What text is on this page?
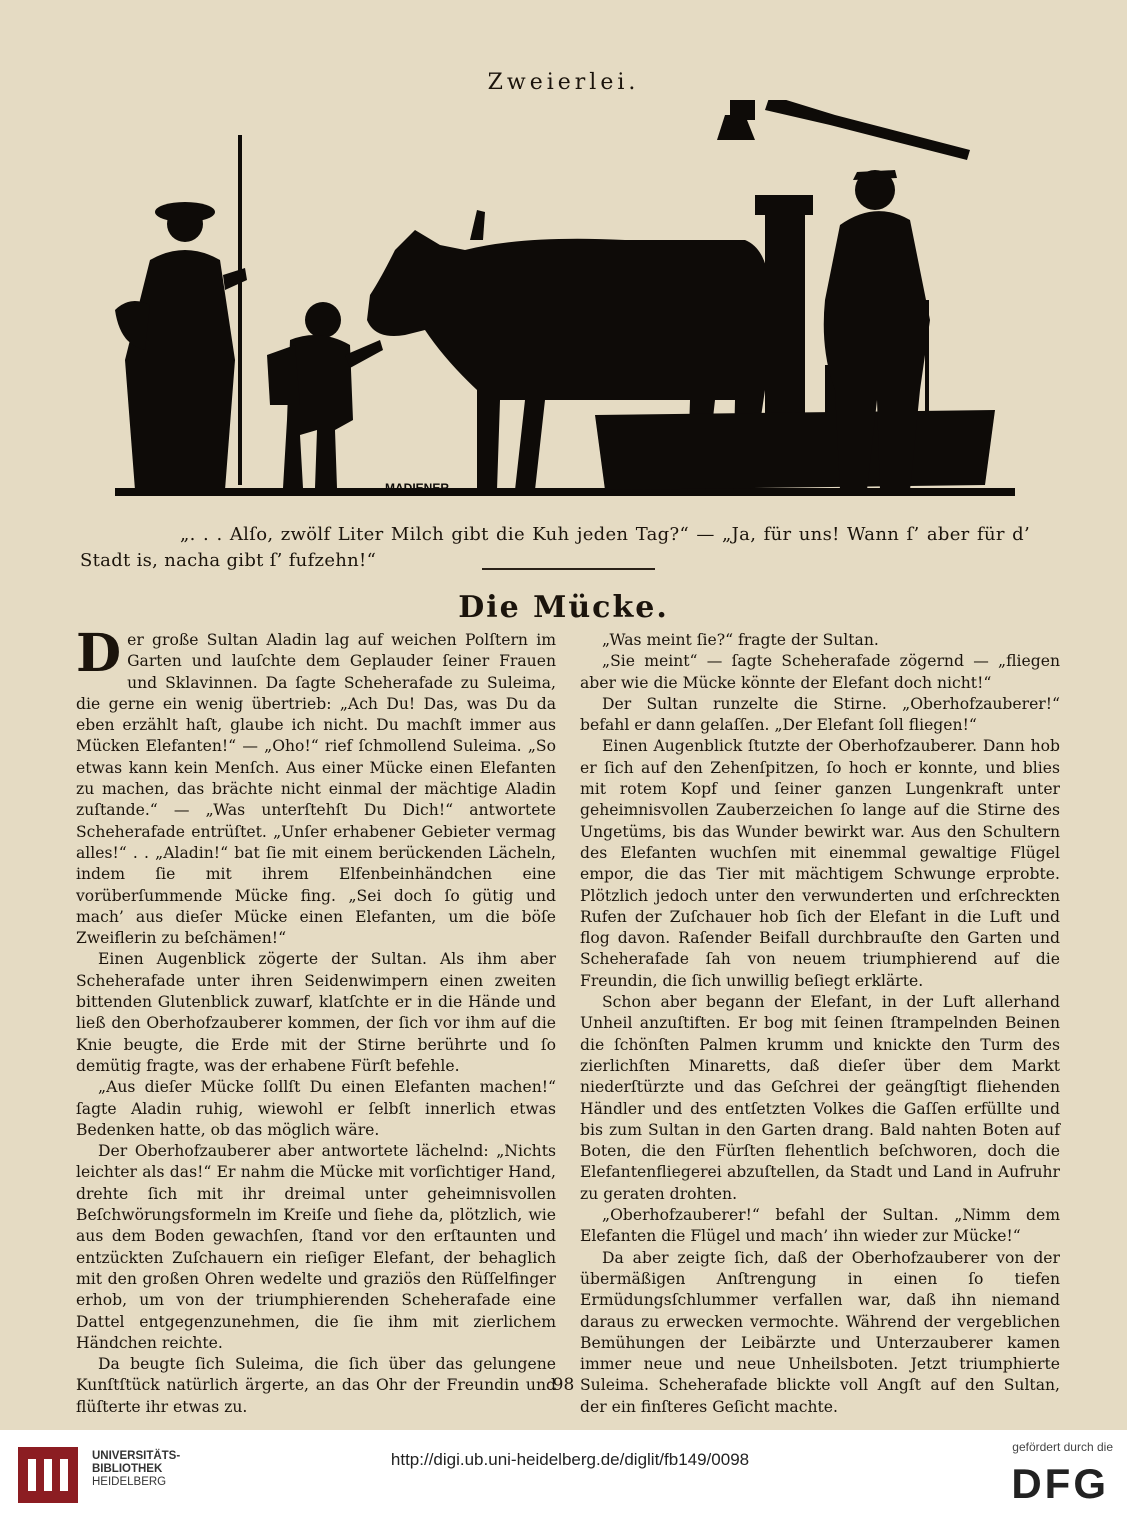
Zweierlei.
MADIENER

„. . . Alſo, zwölf Liter Milch gibt die Kuh jeden Tag?“ — „Ja, für uns! Wann ſ’ aber für d’ Stadt is, nacha gibt ſ’ fufzehn!“

Die Mücke.

Der große Sultan Aladin lag auf weichen Polſtern im Garten und lauſchte dem Geplauder ſeiner Frauen und Sklavinnen. Da ſagte Scheherafade zu Suleima, die gerne ein wenig übertrieb: „Ach Du! Das, was Du da eben erzählt haſt, glaube ich nicht. Du machſt immer aus Mücken Elefanten!“ — „Oho!“ rief ſchmollend Suleima. „So etwas kann kein Menſch. Aus einer Mücke einen Elefanten zu machen, das brächte nicht einmal der mächtige Aladin zuſtande.“ — „Was unterſtehſt Du Dich!“ antwortete Scheherafade entrüſtet. „Unſer erhabener Gebieter vermag alles!“ . . „Aladin!“ bat ſie mit einem berückenden Lächeln, indem ſie mit ihrem Elfenbeinhändchen eine vorüberſummende Mücke fing. „Sei doch ſo gütig und mach’ aus dieſer Mücke einen Elefanten, um die böſe Zweiflerin zu beſchämen!“

Einen Augenblick zögerte der Sultan. Als ihm aber Scheherafade unter ihren Seidenwimpern einen zweiten bittenden Glutenblick zuwarf, klatſchte er in die Hände und ließ den Oberhofzauberer kommen, der ſich vor ihm auf die Knie beugte, die Erde mit der Stirne berührte und ſo demütig fragte, was der erhabene Fürſt befehle.

„Aus dieſer Mücke ſollſt Du einen Elefanten machen!“ ſagte Aladin ruhig, wiewohl er ſelbſt innerlich etwas Bedenken hatte, ob das möglich wäre.

Der Oberhofzauberer aber antwortete lächelnd: „Nichts leichter als das!“ Er nahm die Mücke mit vorſichtiger Hand, drehte ſich mit ihr dreimal unter geheimnisvollen Beſchwörungsformeln im Kreiſe und ſiehe da, plötzlich, wie aus dem Boden gewachſen, ſtand vor den erſtaunten und entzückten Zuſchauern ein rieſiger Elefant, der behaglich mit den großen Ohren wedelte und graziös den Rüſſelfinger erhob, um von der triumphierenden Scheherafade eine Dattel entgegenzunehmen, die ſie ihm mit zierlichem Händchen reichte.

Da beugte ſich Suleima, die ſich über das gelungene Kunſtſtück natürlich ärgerte, an das Ohr der Freundin und flüſterte ihr etwas zu.

„Was meint ſie?“ fragte der Sultan.

„Sie meint“ — ſagte Scheherafade zögernd — „fliegen aber wie die Mücke könnte der Elefant doch nicht!“

Der Sultan runzelte die Stirne. „Oberhofzauberer!“ befahl er dann gelaſſen. „Der Elefant ſoll fliegen!“

Einen Augenblick ſtutzte der Oberhofzauberer. Dann hob er ſich auf den Zehenſpitzen, ſo hoch er konnte, und blies mit rotem Kopf und ſeiner ganzen Lungenkraft unter geheimnisvollen Zauberzeichen ſo lange auf die Stirne des Ungetüms, bis das Wunder bewirkt war. Aus den Schultern des Elefanten wuchſen mit einemmal gewaltige Flügel empor, die das Tier mit mächtigem Schwunge erprobte. Plötzlich jedoch unter den verwunderten und erſchreckten Rufen der Zuſchauer hob ſich der Elefant in die Luft und flog davon. Raſender Beifall durchbrauſte den Garten und Scheherafade ſah von neuem triumphierend auf die Freundin, die ſich unwillig beſiegt erklärte.

Schon aber begann der Elefant, in der Luft allerhand Unheil anzuſtiften. Er bog mit ſeinen ſtrampelnden Beinen die ſchönſten Palmen krumm und knickte den Turm des zierlichſten Minaretts, daß dieſer über dem Markt niederſtürzte und das Geſchrei der geängſtigt fliehenden Händler und des entſetzten Volkes die Gaſſen erfüllte und bis zum Sultan in den Garten drang. Bald nahten Boten auf Boten, die den Fürſten flehentlich beſchworen, doch die Elefantenfliegerei abzuſtellen, da Stadt und Land in Aufruhr zu geraten drohten.

„Oberhofzauberer!“ befahl der Sultan. „Nimm dem Elefanten die Flügel und mach’ ihn wieder zur Mücke!“

Da aber zeigte ſich, daß der Oberhofzauberer von der übermäßigen Anſtrengung in einen ſo tiefen Ermüdungsſchlummer verfallen war, daß ihn niemand daraus zu erwecken vermochte. Während der vergeblichen Bemühungen der Leibärzte und Unterzauberer kamen immer neue und neue Unheilsboten. Jetzt triumphierte Suleima. Scheherafade blickte voll Angſt auf den Sultan, der ein finſteres Geſicht machte.

98
UNIVERSITÄTS-
BIBLIOTHEK
HEIDELBERG
http://digi.ub.uni-heidelberg.de/diglit/fb149/0098
gefördert durch die
DFG
